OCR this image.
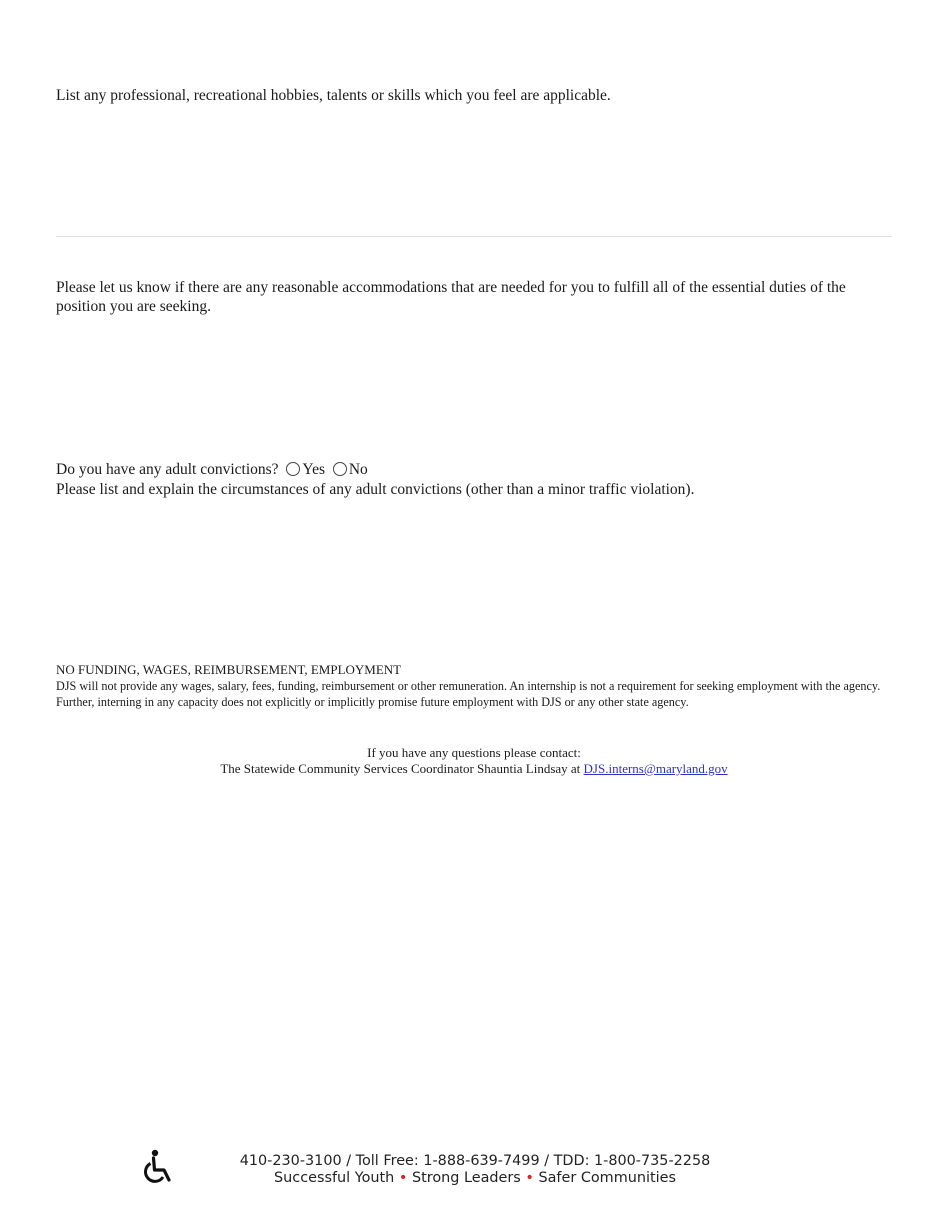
List any professional, recreational hobbies, talents or skills which you feel are applicable.
Please let us know if there are any reasonable accommodations that are needed for you to fulfill all of the essential duties of the position you are seeking.
Do you have any adult convictions? Yes No
Please list and explain the circumstances of any adult convictions (other than a minor traffic violation).
NO FUNDING, WAGES, REIMBURSEMENT, EMPLOYMENT
DJS will not provide any wages, salary, fees, funding, reimbursement or other remuneration. An internship is not a requirement for seeking employment with the agency. Further, interning in any capacity does not explicitly or implicitly promise future employment with DJS or any other state agency.
If you have any questions please contact:
The Statewide Community Services Coordinator Shauntia Lindsay at DJS.interns@maryland.gov
410-230-3100 / Toll Free: 1-888-639-7499 / TDD: 1-800-735-2258
Successful Youth • Strong Leaders • Safer Communities
